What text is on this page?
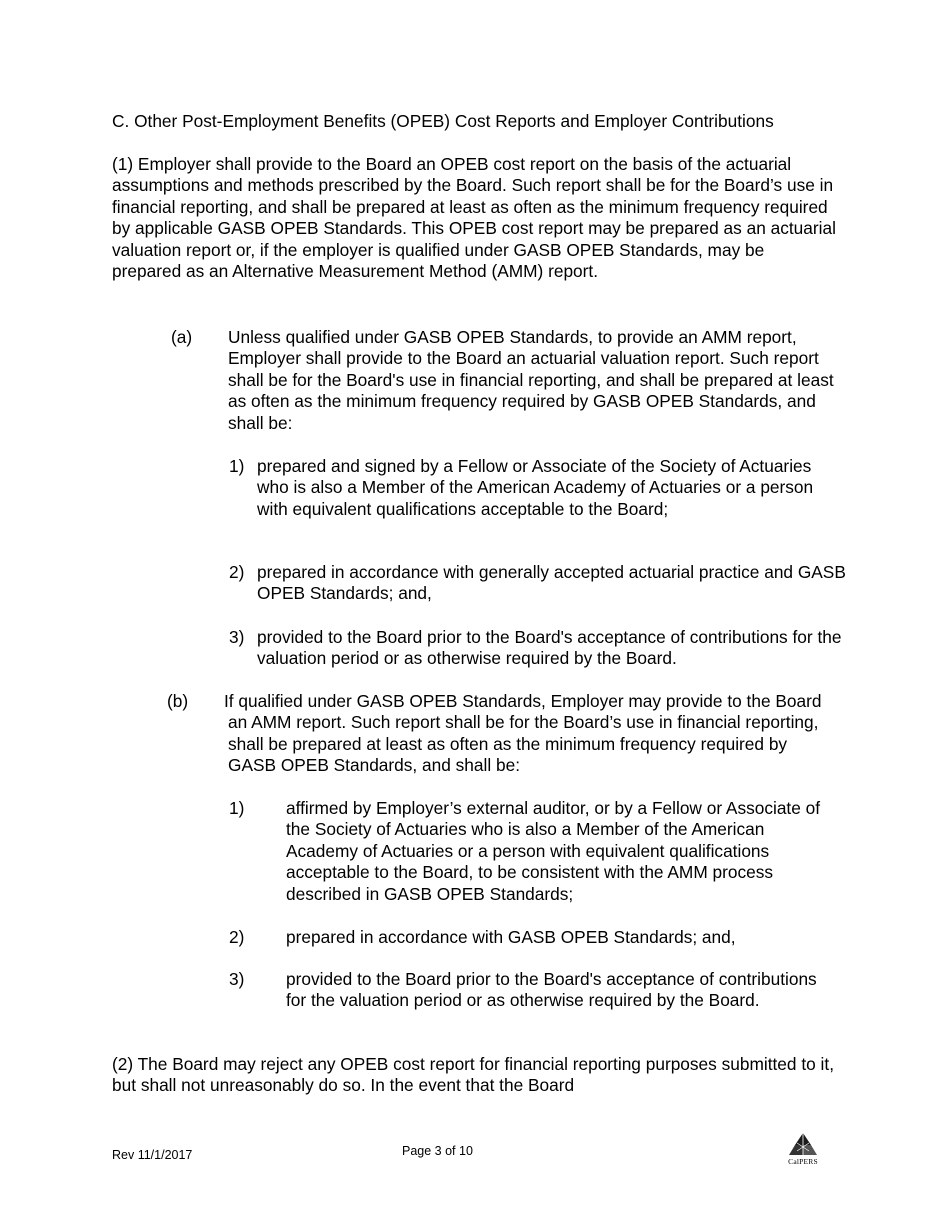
C. Other Post-Employment Benefits (OPEB) Cost Reports and Employer Contributions

(1) Employer shall provide to the Board an OPEB cost report on the basis of the actuarial assumptions and methods prescribed by the Board. Such report shall be for the Board’s use in financial reporting, and shall be prepared at least as often as the minimum frequency required by applicable GASB OPEB Standards. This OPEB cost report may be prepared as an actuarial valuation report or, if the employer is qualified under GASB OPEB Standards, may be prepared as an Alternative Measurement Method (AMM) report.

(a) Unless qualified under GASB OPEB Standards, to provide an AMM report, Employer shall provide to the Board an actuarial valuation report. Such report shall be for the Board's use in financial reporting, and shall be prepared at least as often as the minimum frequency required by GASB OPEB Standards, and shall be:
1) prepared and signed by a Fellow or Associate of the Society of Actuaries who is also a Member of the American Academy of Actuaries or a person with equivalent qualifications acceptable to the Board;
2) prepared in accordance with generally accepted actuarial practice and GASB OPEB Standards; and,
3) provided to the Board prior to the Board's acceptance of contributions for the valuation period or as otherwise required by the Board.
(b) If qualified under GASB OPEB Standards, Employer may provide to the Board an AMM report. Such report shall be for the Board’s use in financial reporting, shall be prepared at least as often as the minimum frequency required by GASB OPEB Standards, and shall be:
1) affirmed by Employer’s external auditor, or by a Fellow or Associate of the Society of Actuaries who is also a Member of the American Academy of Actuaries or a person with equivalent qualifications acceptable to the Board, to be consistent with the AMM process described in GASB OPEB Standards;
2) prepared in accordance with GASB OPEB Standards; and,
3) provided to the Board prior to the Board's acceptance of contributions for the valuation period or as otherwise required by the Board.

(2) The Board may reject any OPEB cost report for financial reporting purposes submitted to it, but shall not unreasonably do so. In the event that the Board

Rev 11/1/2017	Page 3 of 10
CalPERS
